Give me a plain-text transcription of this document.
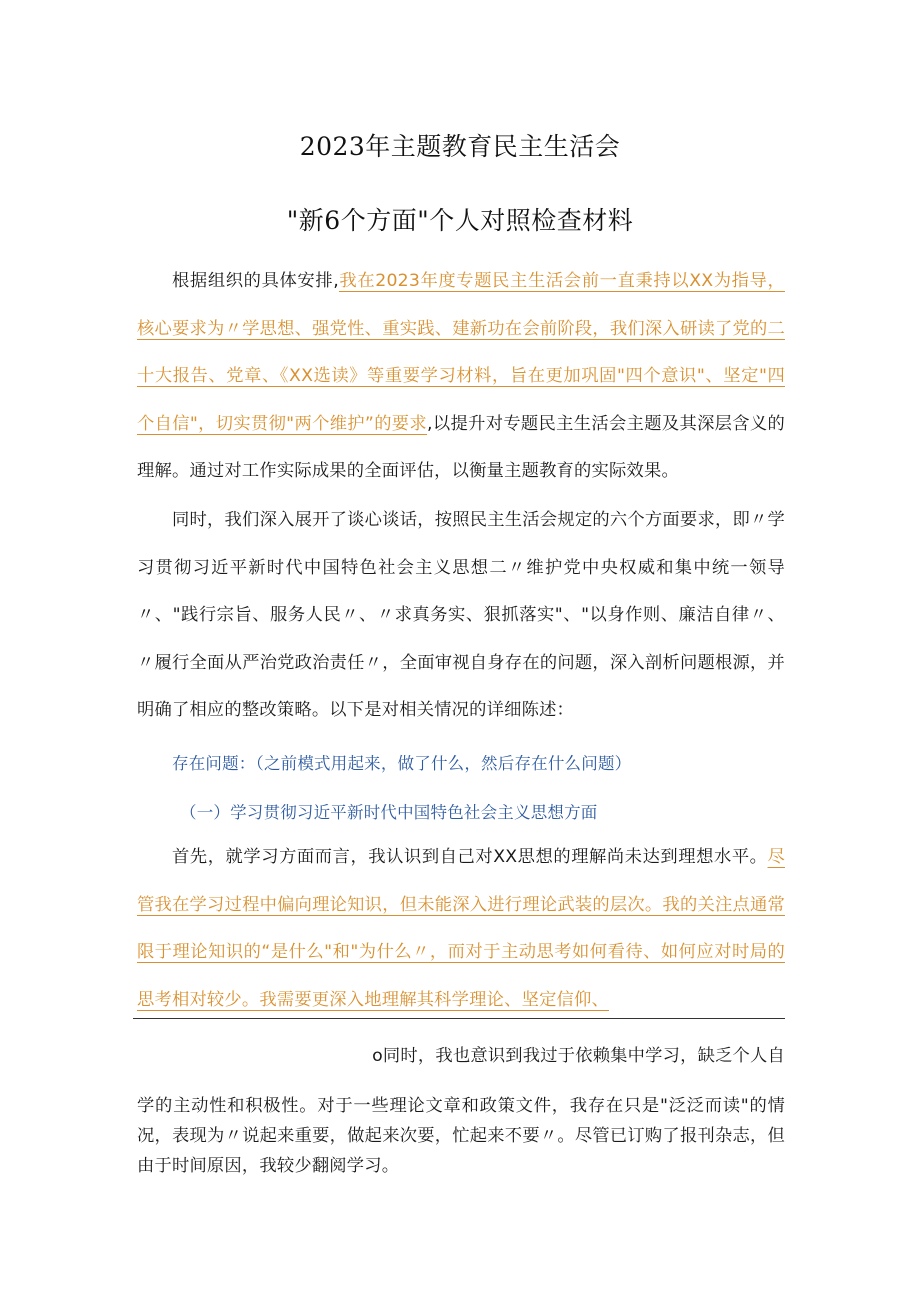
2023年主题教育民主生活会
"新6个方面"个人对照检查材料
根据组织的具体安排,我在2023年度专题民主生活会前一直秉持以XX为指导，核心要求为〃学思想、强党性、重实践、建新功在会前阶段，我们深入研读了党的二十大报告、党章、《XX选读》等重要学习材料，旨在更加巩固"四个意识"、坚定"四个自信"，切实贯彻"两个维护”的要求,以提升对专题民主生活会主题及其深层含义的理解。通过对工作实际成果的全面评估，以衡量主题教育的实际效果。
同时，我们深入展开了谈心谈话，按照民主生活会规定的六个方面要求，即〃学习贯彻习近平新时代中国特色社会主义思想二〃维护党中央权威和集中统一领导〃、"践行宗旨、服务人民〃、〃求真务实、狠抓落实"、"以身作则、廉洁自律〃、〃履行全面从严治党政治责任〃，全面审视自身存在的问题，深入剖析问题根源，并明确了相应的整改策略。以下是对相关情况的详细陈述：
存在问题：（之前模式用起来，做了什么，然后存在什么问题）
（一）学习贯彻习近平新时代中国特色社会主义思想方面
首先，就学习方面而言，我认识到自己对XX思想的理解尚未达到理想水平。尽管我在学习过程中偏向理论知识，但未能深入进行理论武装的层次。我的关注点通常限于理论知识的“是什么"和"为什么〃，而对于主动思考如何看待、如何应对时局的思考相对较少。我需要更深入地理解其科学理论、坚定信仰、
o同时，我也意识到我过于依赖集中学习，缺乏个人自
学的主动性和积极性。对于一些理论文章和政策文件，我存在只是"泛泛而读"的情况，表现为〃说起来重要，做起来次要，忙起来不要〃。尽管已订购了报刊杂志，但由于时间原因，我较少翻阅学习。
